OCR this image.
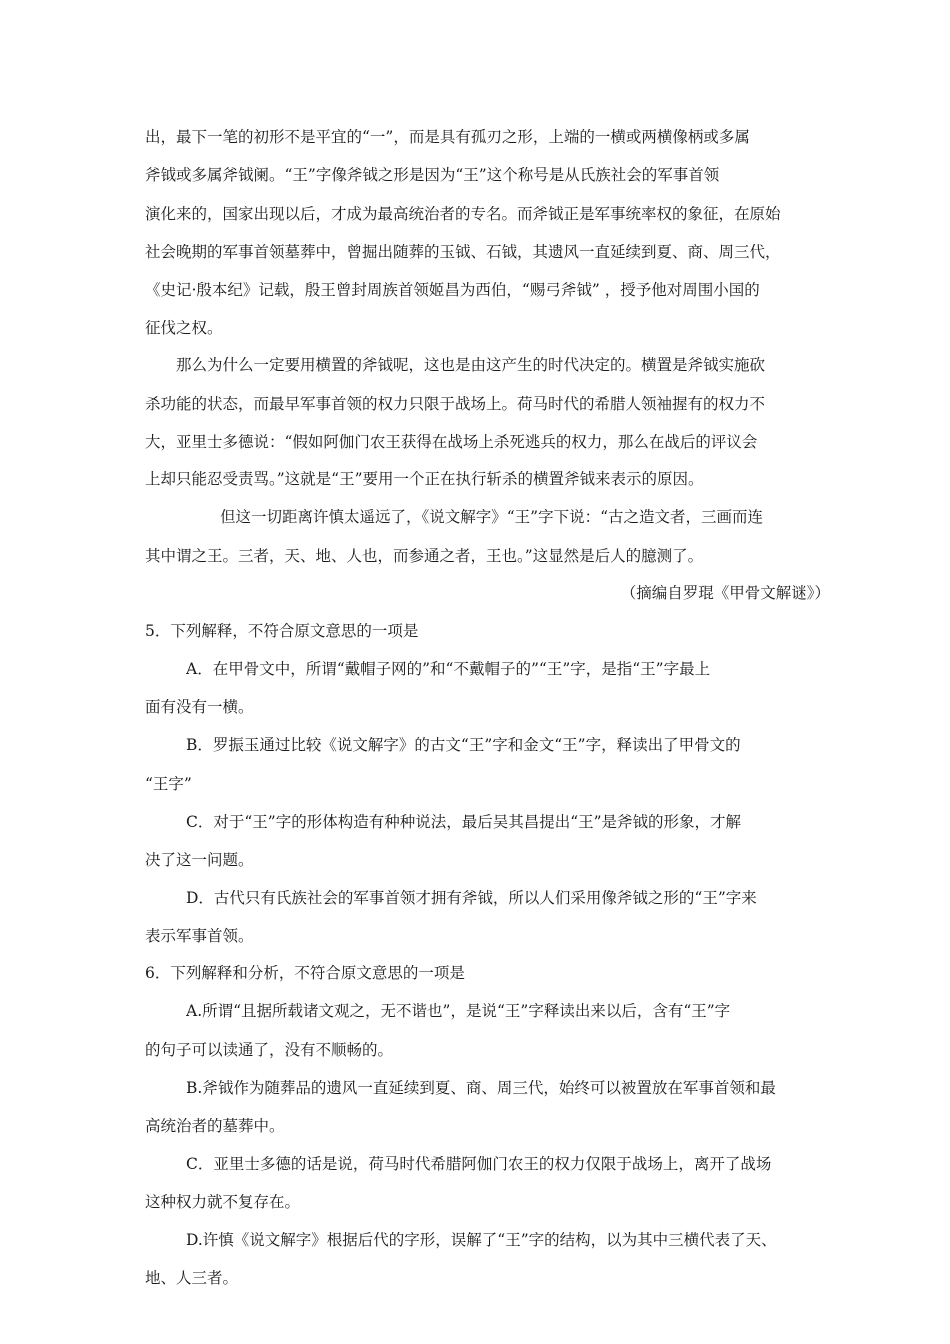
出，最下一笔的初形不是平宜的“一”，而是具有孤刃之形，上端的一横或两横像柄或多属
斧钺或多属斧钺阑。“王”字像斧钺之形是因为“王”这个称号是从氏族社会的军事首领
演化来的，国家出现以后，才成为最高统治者的专名。而斧钺正是军事统率权的象征，在原始
社会晚期的军事首领墓葬中，曾掘出随葬的玉钺、石钺，其遗风一直延续到夏、商、周三代，
《史记·殷本纪》记载，殷王曾封周族首领姬昌为西伯，“赐弓斧钺” ，授予他对周围小国的
征伐之权。
那么为什么一定要用横置的斧钺呢，这也是由这产生的时代决定的。横置是斧钺实施砍
杀功能的状态，而最早军事首领的权力只限于战场上。荷马时代的希腊人领袖握有的权力不
大，亚里士多德说：“假如阿伽门农王获得在战场上杀死逃兵的权力，那么在战后的评议会
上却只能忍受责骂。”这就是“王”要用一个正在执行斩杀的横置斧钺来表示的原因。
但这一切距离许慎太遥远了，《说文解字》“王”字下说：“古之造文者，三画而连
其中谓之王。三者，天、地、人也，而参通之者，王也。”这显然是后人的臆测了。
（摘编自罗琨《甲骨文解谜》）
5．下列解释，不符合原文意思的一项是
A．在甲骨文中，所谓“戴帽子网的”和“不戴帽子的”“王”字，是指“王”字最上
面有没有一横。
B．罗振玉通过比较《说文解字》的古文“王”字和金文“王”字，释读出了甲骨文的
“王字”
C．对于“王”字的形体构造有种种说法，最后吴其昌提出“王”是斧钺的形象，才解
决了这一问题。
D．古代只有氏族社会的军事首领才拥有斧钺，所以人们采用像斧钺之形的“王”字来
表示军事首领。
6．下列解释和分析，不符合原文意思的一项是
A.所谓“且据所载诸文观之，无不谐也”，是说“王”字释读出来以后，含有“王”字
的句子可以读通了，没有不顺畅的。
B.斧钺作为随葬品的遗风一直延续到夏、商、周三代，始终可以被置放在军事首领和最
高统治者的墓葬中。
C．亚里士多德的话是说，荷马时代希腊阿伽门农王的权力仅限于战场上，离开了战场
这种权力就不复存在。
D.许慎《说文解字》根据后代的字形，误解了“王”字的结构，以为其中三横代表了天、
地、人三者。
